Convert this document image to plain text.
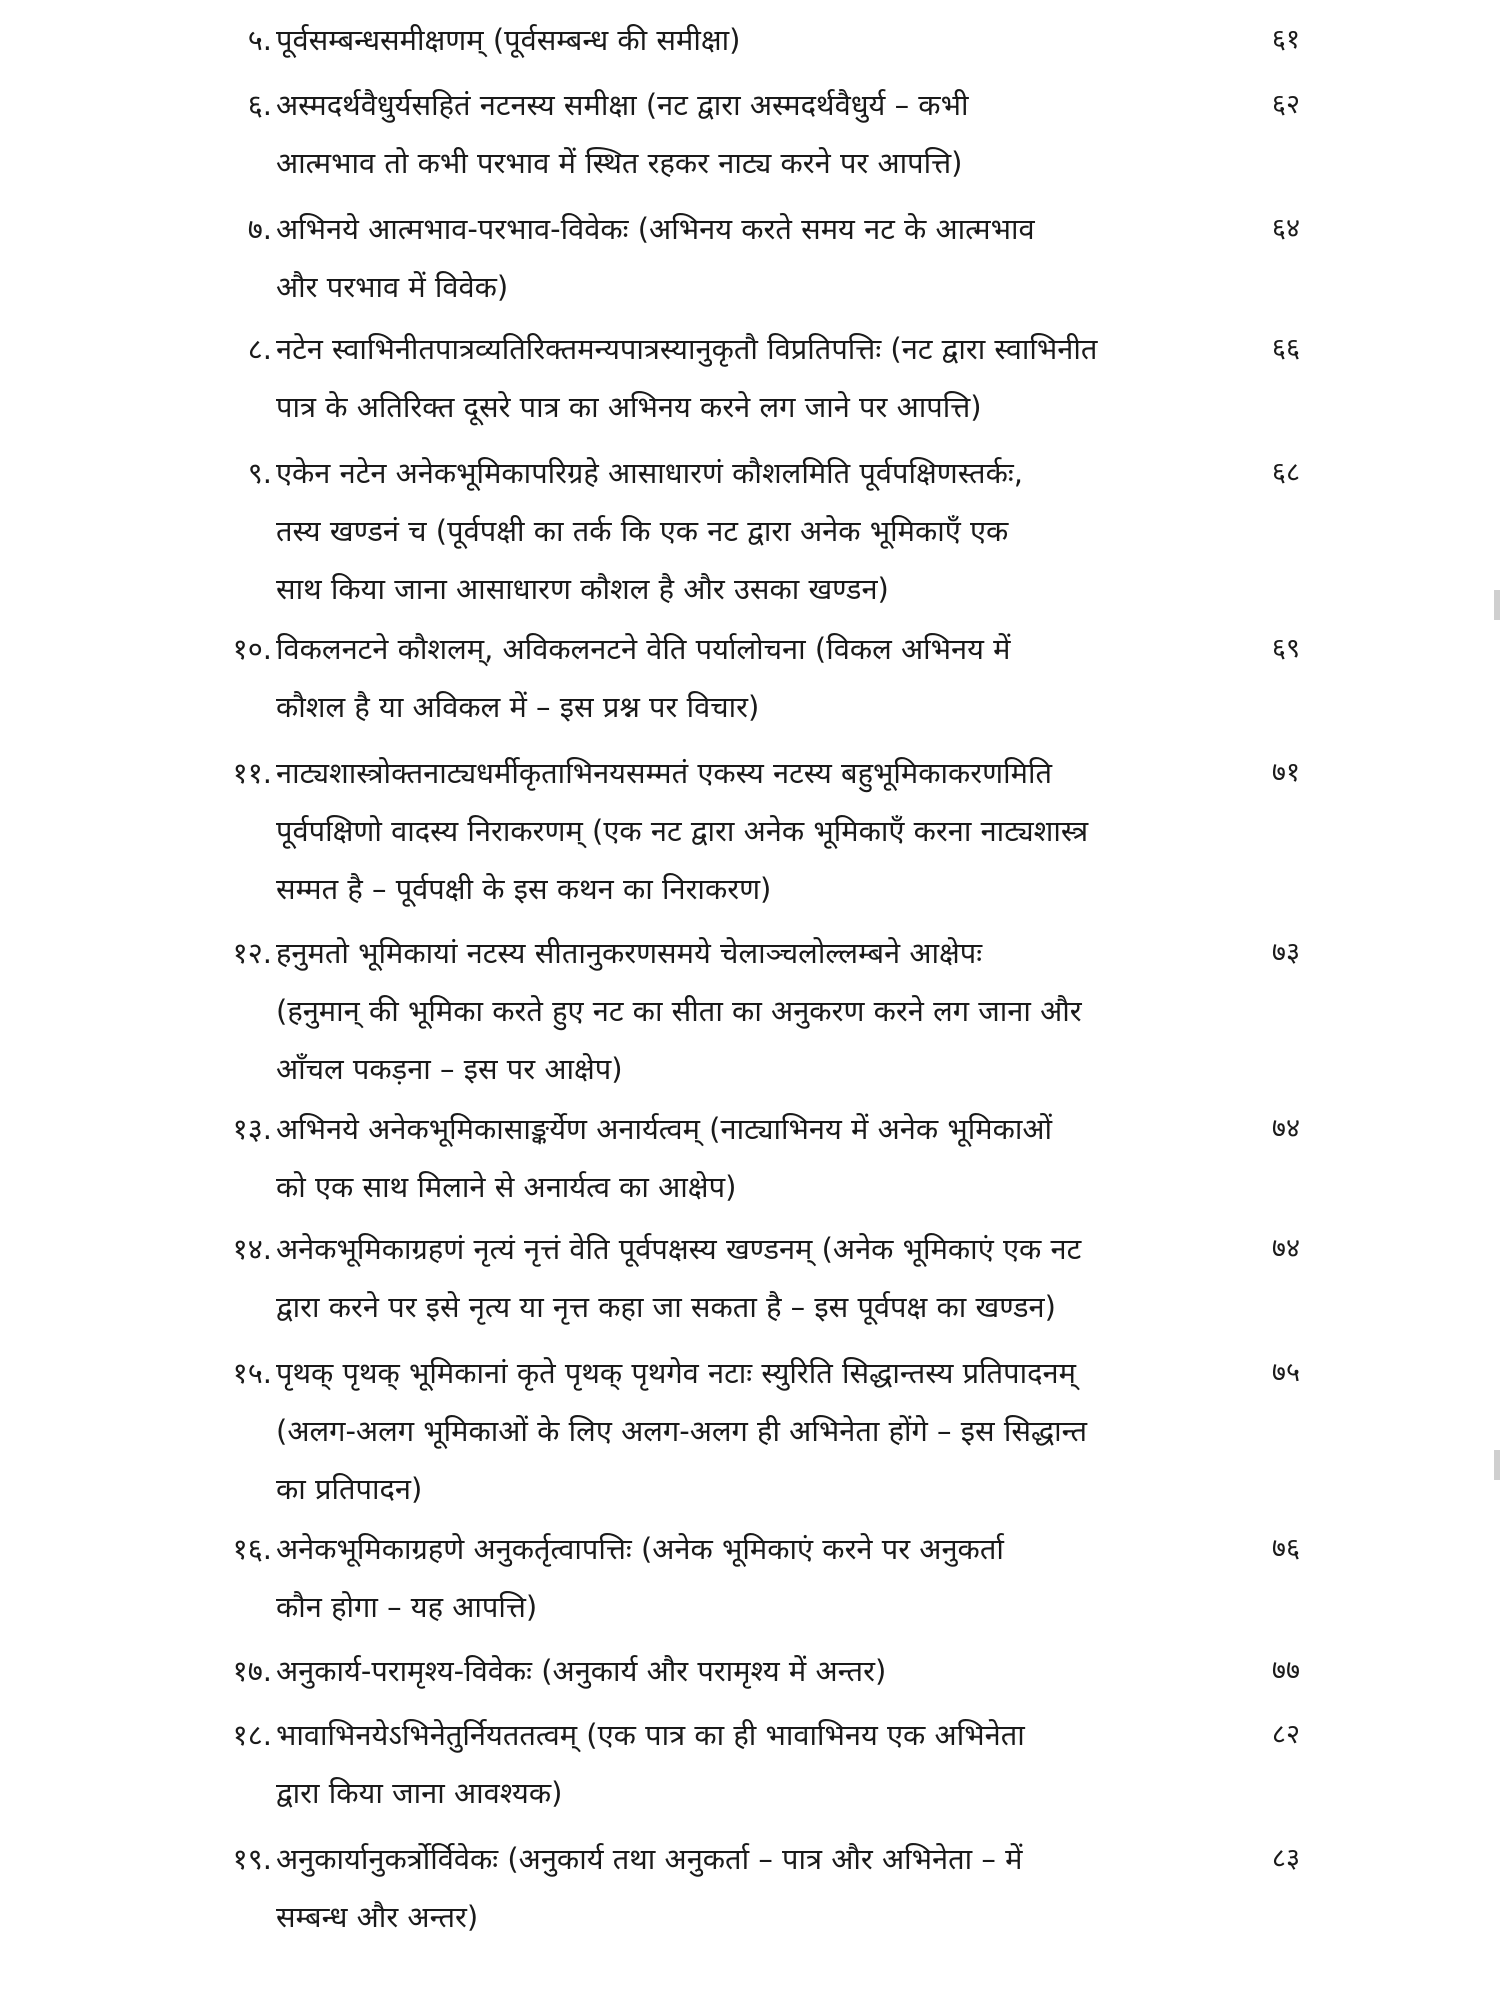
५. पूर्वसम्बन्धसमीक्षणम् (पूर्वसम्बन्ध की समीक्षा)	६१
६. अस्मदर्थवैधुर्यसहितं नटनस्य समीक्षा (नट द्वारा अस्मदर्थवैधुर्य – कभी
आत्मभाव तो कभी परभाव में स्थित रहकर नाट्य करने पर आपत्ति)
६२
७. अभिनये आत्मभाव-परभाव-विवेकः (अभिनय करते समय नट के आत्मभाव
और परभाव में विवेक)
६४
८. नटेन स्वाभिनीतपात्रव्यतिरिक्तमन्यपात्रस्यानुकृतौ विप्रतिपत्तिः (नट द्वारा स्वाभिनीत
पात्र के अतिरिक्त दूसरे पात्र का अभिनय करने लग जाने पर आपत्ति)
६६
९. एकेन नटेन अनेकभूमिकापरिग्रहे आसाधारणं कौशलमिति पूर्वपक्षिणस्तर्कः,
तस्य खण्डनं च (पूर्वपक्षी का तर्क कि एक नट द्वारा अनेक भूमिकाएँ एक
साथ किया जाना आसाधारण कौशल है और उसका खण्डन)
६८
१०. विकलनटने कौशलम्, अविकलनटने वेति पर्यालोचना (विकल अभिनय में
कौशल है या अविकल में – इस प्रश्न पर विचार)
६९
११. नाट्यशास्त्रोक्तनाट्यधर्मीकृताभिनयसम्मतं एकस्य नटस्य बहुभूमिकाकरणमिति
पूर्वपक्षिणो वादस्य निराकरणम् (एक नट द्वारा अनेक भूमिकाएँ करना नाट्यशास्त्र
सम्मत है – पूर्वपक्षी के इस कथन का निराकरण)
७१
१२. हनुमतो भूमिकायां नटस्य सीतानुकरणसमये चेलाञ्चलोल्लम्बने आक्षेपः
(हनुमान् की भूमिका करते हुए नट का सीता का अनुकरण करने लग जाना और
आँचल पकड़ना – इस पर आक्षेप)
७३
१३. अभिनये अनेकभूमिकासाङ्कर्येण अनार्यत्वम् (नाट्याभिनय में अनेक भूमिकाओं
को एक साथ मिलाने से अनार्यत्व का आक्षेप)
७४
१४. अनेकभूमिकाग्रहणं नृत्यं नृत्तं वेति पूर्वपक्षस्य खण्डनम् (अनेक भूमिकाएं एक नट
द्वारा करने पर इसे नृत्य या नृत्त कहा जा सकता है – इस पूर्वपक्ष का खण्डन)
७४
१५. पृथक् पृथक् भूमिकानां कृते पृथक् पृथगेव नटाः स्युरिति सिद्धान्तस्य प्रतिपादनम्
(अलग-अलग भूमिकाओं के लिए अलग-अलग ही अभिनेता होंगे – इस सिद्धान्त
का प्रतिपादन)
७५
१६. अनेकभूमिकाग्रहणे अनुकर्तृत्वापत्तिः (अनेक भूमिकाएं करने पर अनुकर्ता
कौन होगा – यह आपत्ति)
७६
१७. अनुकार्य-परामृश्य-विवेकः (अनुकार्य और परामृश्य में अन्तर)	७७
१८. भावाभिनयेऽभिनेतुर्नियततत्वम् (एक पात्र का ही भावाभिनय एक अभिनेता
द्वारा किया जाना आवश्यक)
८२
१९. अनुकार्यानुकर्त्रोर्विवेकः (अनुकार्य तथा अनुकर्ता – पात्र और अभिनेता – में
सम्बन्ध और अन्तर)
८३
